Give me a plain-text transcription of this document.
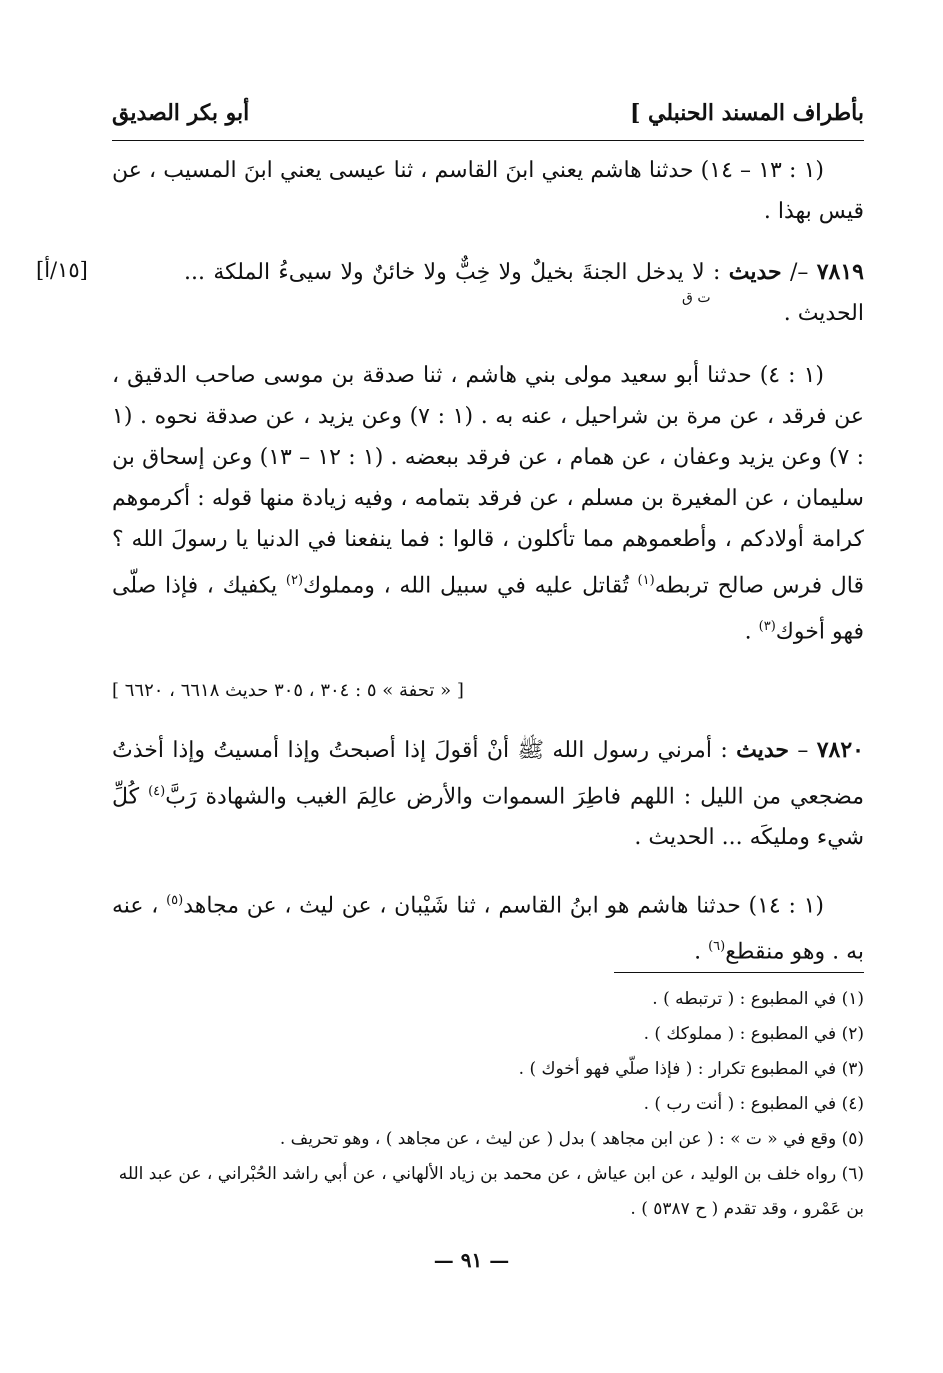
بأطراف المسند الحنبلي ]
أبو بكر الصديق
(١ : ١٣ – ١٤) حدثنا هاشم يعني ابنَ القاسم ، ثنا عيسى يعني ابنَ المسيب ، عن قيس بهذا .
٧٨١٩ –/ حديث : لا يدخل الجنةَ بخيلٌ ولا خِبٌّ ولا خائنٌ ولا سيىءُ الملكة ... الحديث .
[١٥/أ]
ت ق
(١ : ٤) حدثنا أبو سعيد مولى بني هاشم ، ثنا صدقة بن موسى صاحب الدقيق ، عن فرقد ، عن مرة بن شراحيل ، عنه به . (١ : ٧) وعن يزيد ، عن صدقة نحوه . (١ : ٧) وعن يزيد وعفان ، عن همام ، عن فرقد ببعضه . (١ : ١٢ – ١٣) وعن إسحاق بن سليمان ، عن المغيرة بن مسلم ، عن فرقد بتمامه ، وفيه زيادة منها قوله : أكرموهم كرامة أولادكم ، وأطعموهم مما تأكلون ، قالوا : فما ينفعنا في الدنيا يا رسولَ الله ؟ قال فرس صالح تربطه$^{(١)}$ تُقاتل عليه في سبيل الله ، ومملوك$^{(٢)}$ يكفيك ، فإذا صلّى فهو أخوك$^{(٣)}$ .
[ « تحفة » ٥ : ٣٠٤ ، ٣٠٥ حديث ٦٦١٨ ، ٦٦٢٠ ]
٧٨٢٠ – حديث : أمرني رسول الله ﷺ أنْ أقولَ إذا أصبحتُ وإذا أمسيتُ وإذا أخذتُ مضجعي من الليل : اللهم فاطِرَ السموات والأرض عالِمَ الغيب والشهادة رَبَّ$^{(٤)}$ كُلِّ شيء ومليكَه ... الحديث .
(١ : ١٤) حدثنا هاشم هو ابنُ القاسم ، ثنا شَيْبان ، عن ليث ، عن مجاهد$^{(٥)}$ ، عنه به . وهو منقطع$^{(٦)}$ .

(١) في المطبوع : ( ترتبطه ) .

(٢) في المطبوع : ( مملوكك ) .

(٣) في المطبوع تكرار : ( فإذا صلّي فهو أخوك ) .

(٤) في المطبوع : ( أنت رب ) .

(٥) وقع في « ت » : ( عن ابن مجاهد ) بدل ( عن ليث ، عن مجاهد ) ، وهو تحريف .

(٦) رواه خلف بن الوليد ، عن ابن عياش ، عن محمد بن زياد الألهاني ، عن أبي راشد الحُبْراني ، عن عبد الله بن عَمْرو ، وقد تقدم ( ح ٥٣٨٧ ) .

— ٩١ —
